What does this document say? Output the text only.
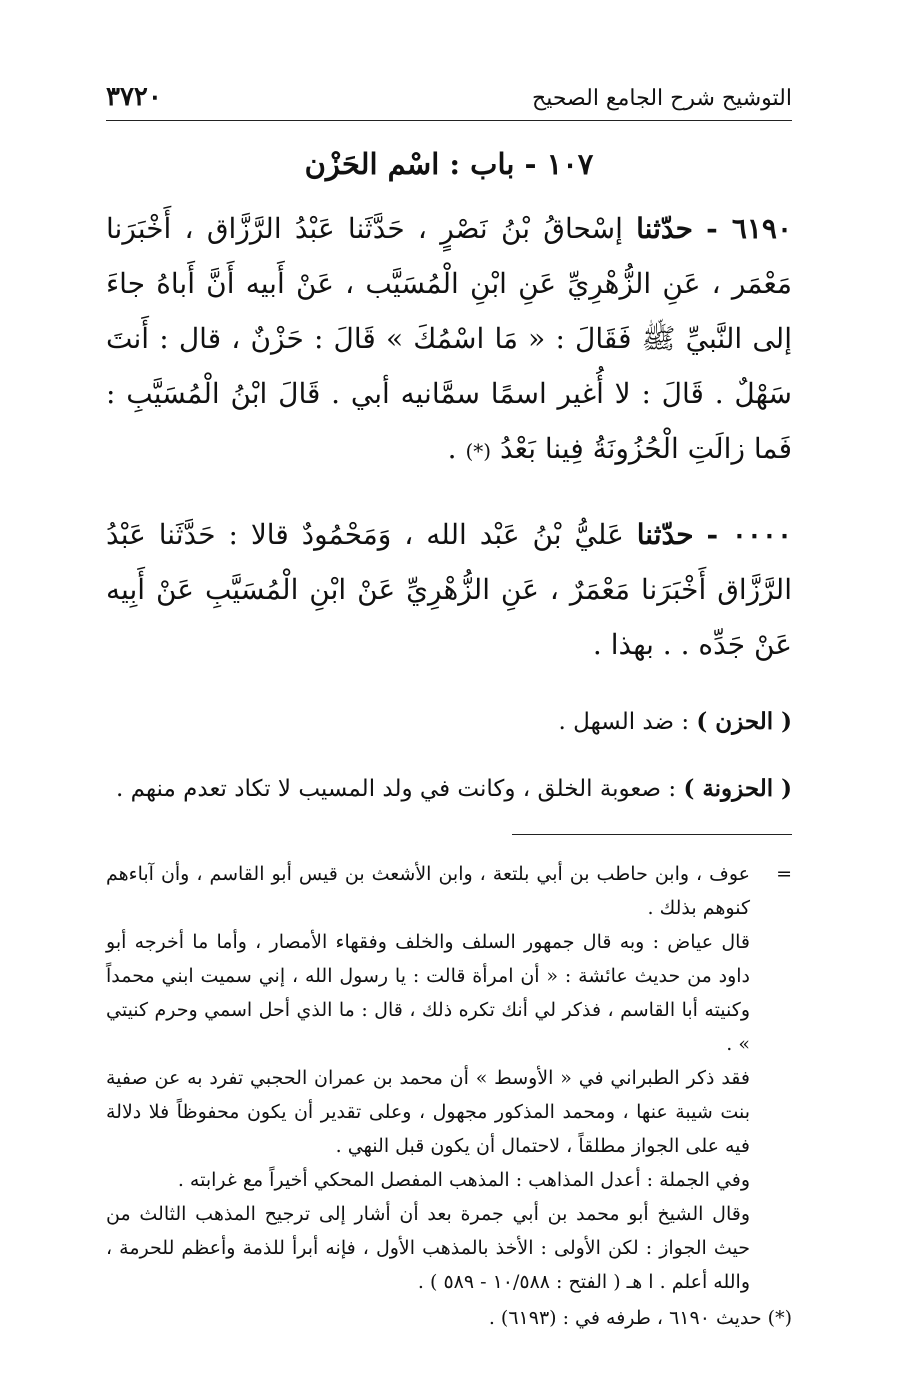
التوشيح شرح الجامع الصحيح
٣٧٢٠
١٠٧ - باب : اسْم الحَزْن

٦١٩٠ - حدّثنا إسْحاقُ بْنُ نَصْرٍ ، حَدَّثَنا عَبْدُ الرَّزَّاق ، أَخْبَرَنا مَعْمَر ، عَنِ الزُّهْرِيِّ عَنِ ابْنِ الْمُسَيَّب ، عَنْ أَبيه أَنَّ أَباهُ جاءَ إلى النَّبيِّ ﷺ فَقَالَ : « مَا اسْمُكَ » قَالَ : حَزْنٌ ، قال : أَنتَ سَهْلٌ . قَالَ : لا أُغير اسمًا سمَّانيه أبي . قَالَ ابْنُ الْمُسَيَّبِ : فَما زالَتِ الْحُزُونَةُ فِينا بَعْدُ (*) .

٠٠٠٠ - حدّثنا عَليُّ بْنُ عَبْد الله ، وَمَحْمُودٌ قالا : حَدَّثَنا عَبْدُ الرَّزَّاق أَخْبَرَنا مَعْمَرٌ ، عَنِ الزُّهْرِيِّ عَنْ ابْنِ الْمُسَيَّبِ عَنْ أَبِيه عَنْ جَدِّه . . بهذا .

( الحزن ) : ضد السهل .

( الحزونة ) : صعوبة الخلق ، وكانت في ولد المسيب لا تكاد تعدم منهم .

=
عوف ، وابن حاطب بن أبي بلتعة ، وابن الأشعث بن قيس أبو القاسم ، وأن آباءهم كنوهم بذلك .
قال عياض : وبه قال جمهور السلف والخلف وفقهاء الأمصار ، وأما ما أخرجه أبو داود من حديث عائشة : « أن امرأة قالت : يا رسول الله ، إني سميت ابني محمداً وكنيته أبا القاسم ، فذكر لي أنك تكره ذلك ، قال : ما الذي أحل اسمي وحرم كنيتي » .
فقد ذكر الطبراني في « الأوسط » أن محمد بن عمران الحجبي تفرد به عن صفية بنت شيبة عنها ، ومحمد المذكور مجهول ، وعلى تقدير أن يكون محفوظاً فلا دلالة فيه على الجواز مطلقاً ، لاحتمال أن يكون قبل النهي .
وفي الجملة : أعدل المذاهب : المذهب المفصل المحكي أخيراً مع غرابته .
وقال الشيخ أبو محمد بن أبي جمرة بعد أن أشار إلى ترجيح المذهب الثالث من حيث الجواز : لكن الأولى : الأخذ بالمذهب الأول ، فإنه أبرأ للذمة وأعظم للحرمة ، والله أعلم . ا هـ ( الفتح : ١٠/٥٨٨ - ٥٨٩ ) .
(*) حديث ٦١٩٠ ، طرفه في : (٦١٩٣) .
